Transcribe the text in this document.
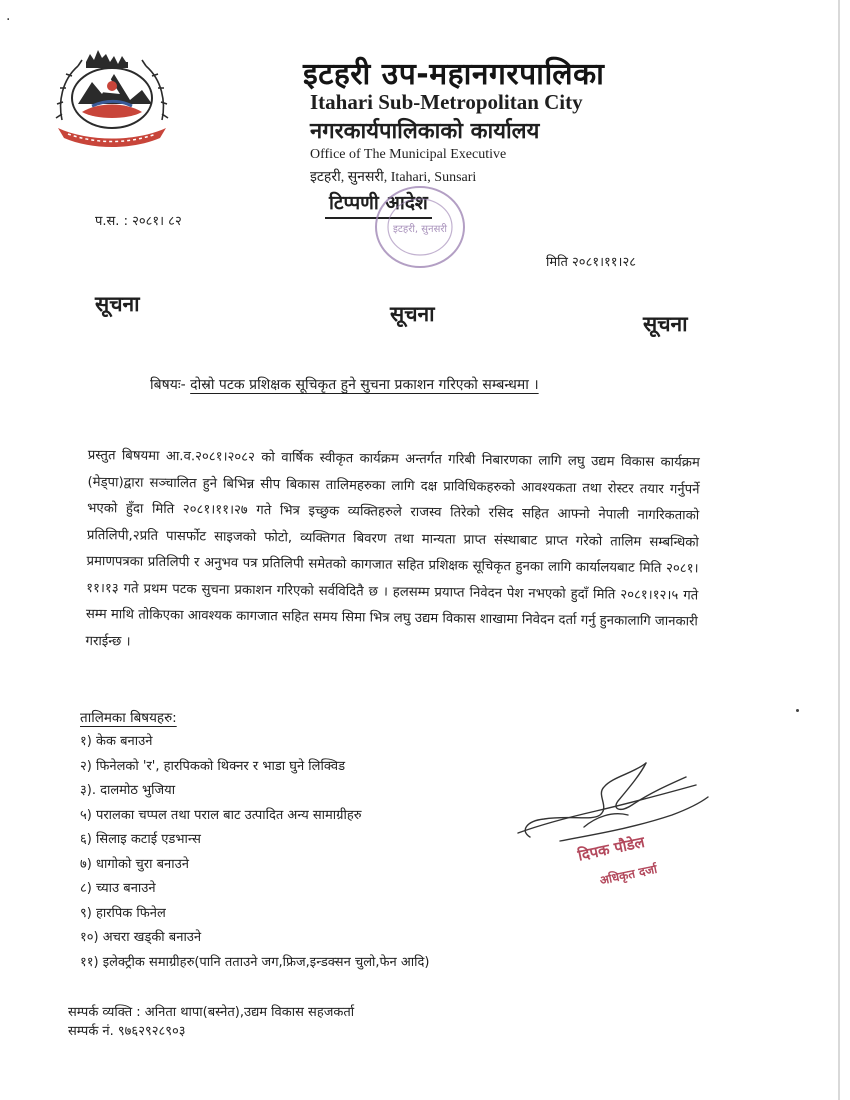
·
इटहरी उप-महानगरपालिका
Itahari Sub-Metropolitan City
नगरकार्यपालिकाको कार्यालय
Office of The Municipal Executive
इटहरी, सुनसरी, Itahari, Sunsari
टिप्पणी आदेश
इटहरी, सुनसरी
प.स. : २०८१। ८२
मिति २०८१।११।२८
सूचना	सूचना	सूचना
बिषयः- दोस्रो पटक प्रशिक्षक सूचिकृत हुने सुचना प्रकाशन गरिएको सम्बन्धमा ।
प्रस्तुत बिषयमा आ.व.२०८१।२०८२ को वार्षिक स्वीकृत कार्यक्रम अन्तर्गत गरिबी निबारणका लागि लघु उद्यम विकास कार्यक्रम (मेड्पा)द्वारा सञ्चालित हुने बिभिन्न सीप बिकास तालिमहरुका लागि दक्ष प्राविधिकहरुको आवश्यकता तथा रोस्टर तयार गर्नुपर्ने भएको हुँदा मिति २०८१।११।२७ गते भित्र इच्छुक व्यक्तिहरुले राजस्व तिरेको रसिद सहित आफ्नो नेपाली नागरिकताको प्रतिलिपी,२प्रति पासर्फोट साइजको फोटो, व्यक्तिगत बिवरण तथा मान्यता प्राप्त संस्थाबाट प्राप्त गरेको तालिम सम्बन्धिको प्रमाणपत्रका प्रतिलिपी र अनुभव पत्र प्रतिलिपी समेतको कागजात सहित प्रशिक्षक सूचिकृत हुनका लागि कार्यालयबाट मिति २०८१।११।१३ गते प्रथम पटक सुचना प्रकाशन गरिएको सर्वविदितै छ । हलसम्म प्रयाप्त निवेदन पेश नभएको हुदाँ मिति २०८१।१२।५ गते सम्म माथि तोकिएका आवश्यक कागजात सहित समय सिमा भित्र लघु उद्यम विकास शाखामा निवेदन दर्ता गर्नु हुनकालागि जानकारी गराईन्छ ।
तालिमका बिषयहरु:
१) केक बनाउने
२) फिनेलको 'र', हारपिकको थिक्नर र भाडा घुने लिक्विड
३). दालमोठ भुजिया
५) परालका चप्पल तथा पराल बाट उत्पादित अन्य सामाग्रीहरु
६) सिलाइ कटाई एडभान्स
७) धागोको चुरा बनाउने
८) च्याउ बनाउने
९) हारपिक फिनेल
१०) अचरा खड्की बनाउने
११) इलेक्ट्रीक समाग्रीहरु(पानि तताउने जग,फ्रिज,इन्डक्सन चुलो,फेन आदि)
दिपक पौडेल
अधिकृत दर्जा
सम्पर्क व्यक्ति : अनिता थापा(बस्नेत),उद्यम विकास सहजकर्ता
सम्पर्क नं. ९७६२९२८९०३
